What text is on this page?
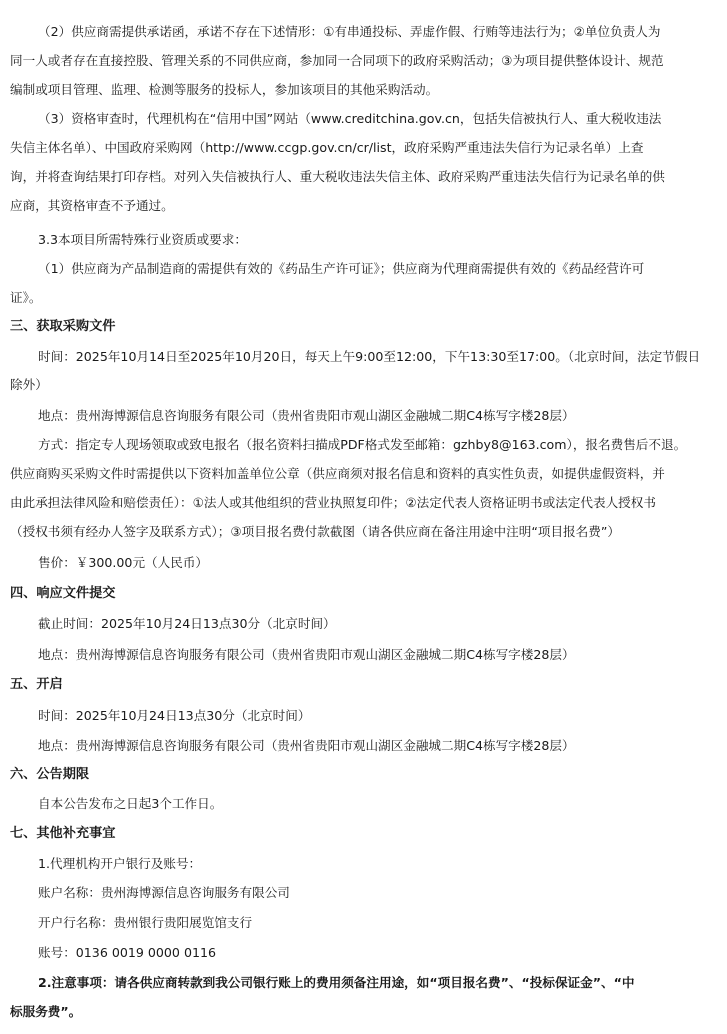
（2）供应商需提供承诺函，承诺不存在下述情形：①有串通投标、弄虚作假、行贿等违法行为；②单位负责人为

同一人或者存在直接控股、管理关系的不同供应商，参加同一合同项下的政府采购活动；③为项目提供整体设计、规范

编制或项目管理、监理、检测等服务的投标人，参加该项目的其他采购活动。

（3）资格审查时，代理机构在“信用中国”网站（www.creditchina.gov.cn，包括失信被执行人、重大税收违法

失信主体名单）、中国政府采购网（http://www.ccgp.gov.cn/cr/list，政府采购严重违法失信行为记录名单）上查

询，并将查询结果打印存档。对列入失信被执行人、重大税收违法失信主体、政府采购严重违法失信行为记录名单的供

应商，其资格审查不予通过。

3.3本项目所需特殊行业资质或要求：

（1）供应商为产品制造商的需提供有效的《药品生产许可证》；供应商为代理商需提供有效的《药品经营许可

证》。

三、获取采购文件

时间：2025年10月14日至2025年10月20日，每天上午9:00至12:00，下午13:30至17:00。（北京时间，法定节假日

除外）

地点：贵州海博源信息咨询服务有限公司（贵州省贵阳市观山湖区金融城二期C4栋写字楼28层）

方式：指定专人现场领取或致电报名（报名资料扫描成PDF格式发至邮箱：gzhby8@163.com），报名费售后不退。

供应商购买采购文件时需提供以下资料加盖单位公章（供应商须对报名信息和资料的真实性负责，如提供虚假资料，并

由此承担法律风险和赔偿责任）：①法人或其他组织的营业执照复印件；②法定代表人资格证明书或法定代表人授权书

（授权书须有经办人签字及联系方式）；③项目报名费付款截图（请各供应商在备注用途中注明“项目报名费”）

售价：￥300.00元（人民币）

四、响应文件提交

截止时间：2025年10月24日13点30分（北京时间）

地点：贵州海博源信息咨询服务有限公司（贵州省贵阳市观山湖区金融城二期C4栋写字楼28层）

五、开启

时间：2025年10月24日13点30分（北京时间）

地点：贵州海博源信息咨询服务有限公司（贵州省贵阳市观山湖区金融城二期C4栋写字楼28层）

六、公告期限

自本公告发布之日起3个工作日。

七、其他补充事宜

1.代理机构开户银行及账号：

账户名称：贵州海博源信息咨询服务有限公司

开户行名称：贵州银行贵阳展览馆支行

账号：0136 0019 0000 0116

2.注意事项：请各供应商转款到我公司银行账上的费用须备注用途，如“项目报名费”、“投标保证金”、“中

标服务费”。
